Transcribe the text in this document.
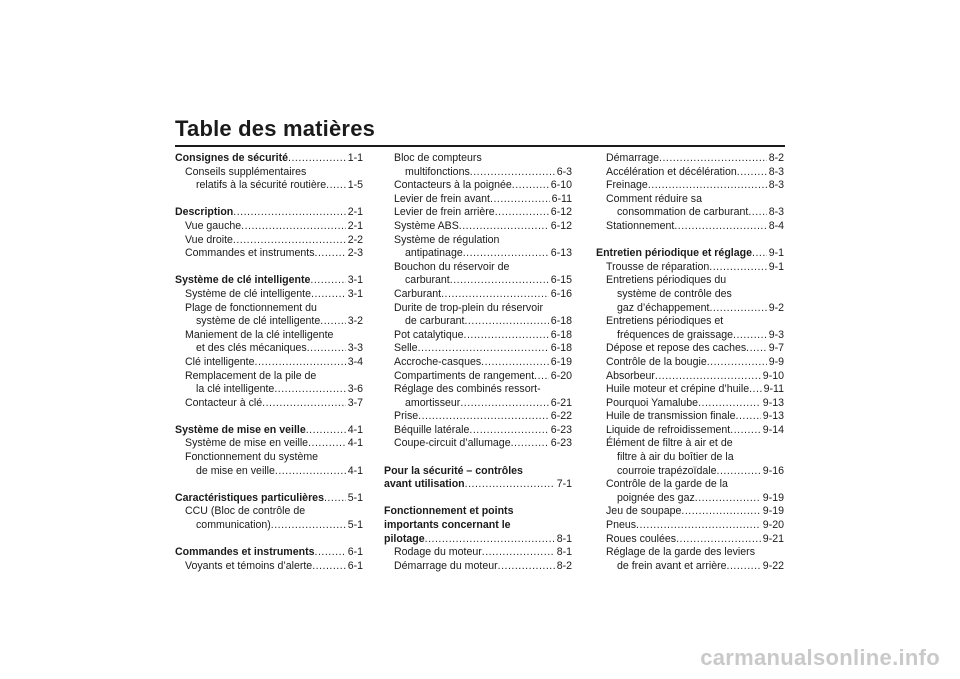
Table des matières
Consignes de sécurité .....	1-1
Conseils supplémentaires
relatifs à la sécurité routière ..... 1-5
Description .....	2-1
Vue gauche .....	2-1
Vue droite .....	2-2
Commandes et instruments .....	2-3
Système de clé intelligente .....	3-1
Système de clé intelligente .....	3-1
Plage de fonctionnement du
système de clé intelligente .....	3-2
Maniement de la clé intelligente
et des clés mécaniques .....	3-3
Clé intelligente .....	3-4
Remplacement de la pile de
la clé intelligente .....	3-6
Contacteur à clé .....	3-7
Système de mise en veille .....	4-1
Système de mise en veille .....	4-1
Fonctionnement du système
de mise en veille .....	4-1
Caractéristiques particulières ..... 5-1
CCU (Bloc de contrôle de
communication) .....	5-1
Commandes et instruments .....	6-1
Voyants et témoins d’alerte .....	6-1
Bloc de compteurs
multifonctions .....	6-3
Contacteurs à la poignée .....	6-10
Levier de frein avant .....	6-11
Levier de frein arrière .....	6-12
Système ABS .....	6-12
Système de régulation
antipatinage .....	6-13
Bouchon du réservoir de
carburant .....	6-15
Carburant .....	6-16
Durite de trop-plein du réservoir
de carburant .....	6-18
Pot catalytique .....	6-18
Selle .....	6-18
Accroche-casques .....	6-19
Compartiments de rangement ..... 6-20
Réglage des combinés ressort-
amortisseur .....	6-21
Prise .....	6-22
Béquille latérale .....	6-23
Coupe-circuit d’allumage .....	6-23
Pour la sécurité – contrôles
avant utilisation .....	7-1
Fonctionnement et points
importants concernant le
pilotage .....	8-1
Rodage du moteur .....	8-1
Démarrage du moteur .....	8-2
Démarrage .....	8-2
Accélération et décélération .....	8-3
Freinage .....	8-3
Comment réduire sa
consommation de carburant ..... 8-3
Stationnement .....	8-4
Entretien périodique et réglage ..... 9-1
Trousse de réparation .....	9-1
Entretiens périodiques du
système de contrôle des
gaz d’échappement .....	9-2
Entretiens périodiques et
fréquences de graissage .....	9-3
Dépose et repose des caches ..... 9-7
Contrôle de la bougie .....	9-9
Absorbeur .....	9-10
Huile moteur et crépine d’huile ..... 9-11
Pourquoi Yamalube .....	9-13
Huile de transmission finale .....	9-13
Liquide de refroidissement .....	9-14
Élément de filtre à air et de
filtre à air du boîtier de la
courroie trapézoïdale .....	9-16
Contrôle de la garde de la
poignée des gaz .....	9-19
Jeu de soupape .....	9-19
Pneus .....	9-20
Roues coulées .....	9-21
Réglage de la garde des leviers
de frein avant et arrière .....	9-22
carmanualsonline.info
